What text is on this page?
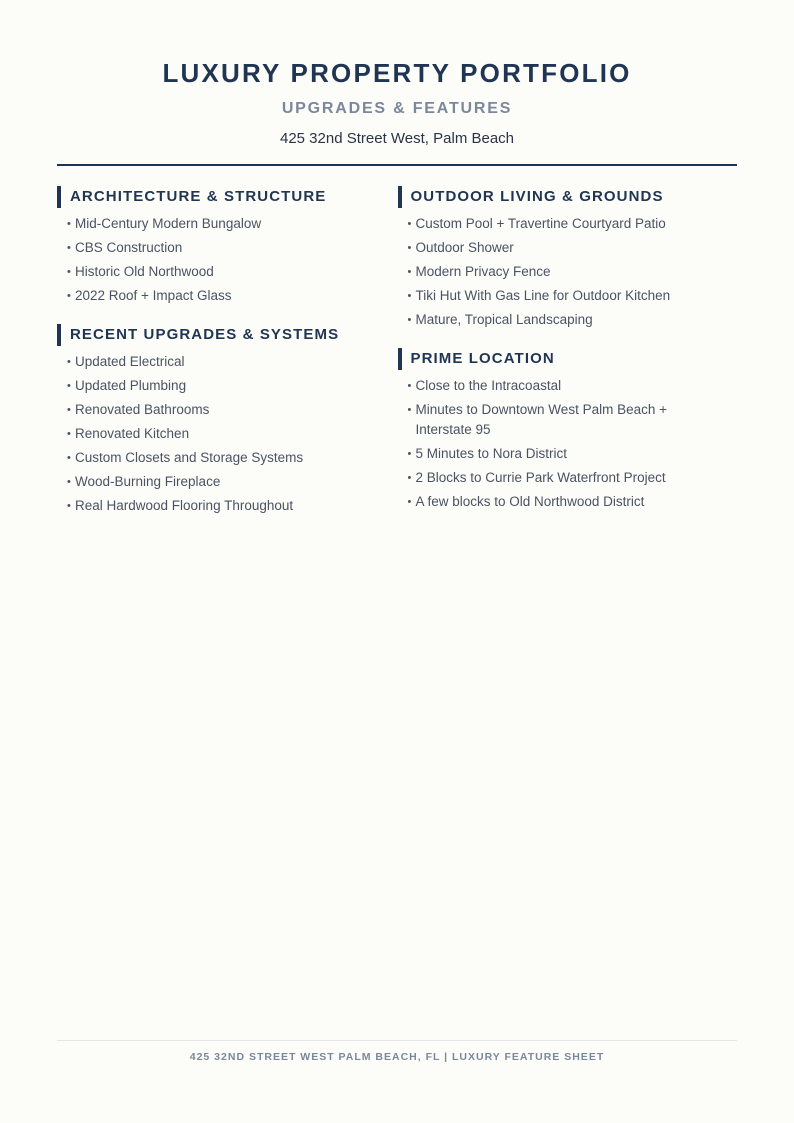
LUXURY PROPERTY PORTFOLIO
UPGRADES & FEATURES
425 32nd Street West, Palm Beach
ARCHITECTURE & STRUCTURE
• Mid-Century Modern Bungalow
• CBS Construction
• Historic Old Northwood
• 2022 Roof + Impact Glass
RECENT UPGRADES & SYSTEMS
• Updated Electrical
• Updated Plumbing
• Renovated Bathrooms
• Renovated Kitchen
• Custom Closets and Storage Systems
• Wood-Burning Fireplace
• Real Hardwood Flooring Throughout
OUTDOOR LIVING & GROUNDS
• Custom Pool + Travertine Courtyard Patio
• Outdoor Shower
• Modern Privacy Fence
• Tiki Hut With Gas Line for Outdoor Kitchen
• Mature, Tropical Landscaping
PRIME LOCATION
• Close to the Intracoastal
• Minutes to Downtown West Palm Beach + Interstate 95
• 5 Minutes to Nora District
• 2 Blocks to Currie Park Waterfront Project
• A few blocks to Old Northwood District
425 32ND STREET WEST PALM BEACH, FL | LUXURY FEATURE SHEET
